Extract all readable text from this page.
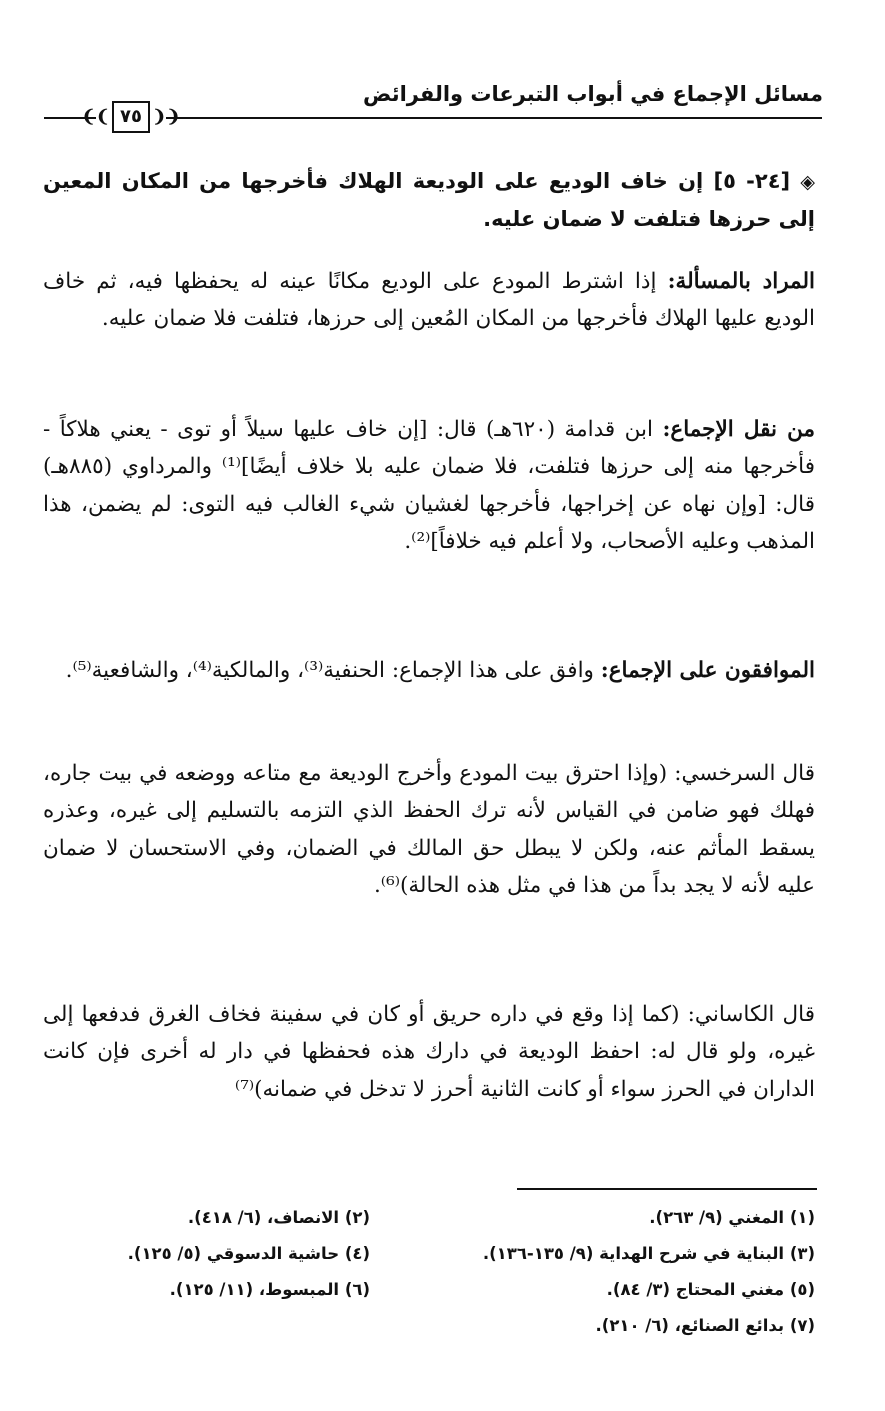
مسائل الإجماع في أبواب التبرعات والفرائض
❨❨ ٧٥ ❩❩
◈ [٢٤- ٥] إن خاف الوديع على الوديعة الهلاك فأخرجها من المكان المعين إلى حرزها فتلفت لا ضمان عليه.
المراد بالمسألة: إذا اشترط المودع على الوديع مكانًا عينه له يحفظها فيه، ثم خاف الوديع عليها الهلاك فأخرجها من المكان المُعين إلى حرزها، فتلفت فلا ضمان عليه.
من نقل الإجماع: ابن قدامة (٦٢٠هـ) قال: [إن خاف عليها سيلاً أو توى - يعني هلاكاً - فأخرجها منه إلى حرزها فتلفت، فلا ضمان عليه بلا خلاف أيضًا]⁽¹⁾ والمرداوي (٨٨٥هـ) قال: [وإن نهاه عن إخراجها، فأخرجها لغشيان شيء الغالب فيه التوى: لم يضمن، هذا المذهب وعليه الأصحاب، ولا أعلم فيه خلافاً]⁽²⁾.
الموافقون على الإجماع: وافق على هذا الإجماع: الحنفية⁽³⁾، والمالكية⁽⁴⁾، والشافعية⁽⁵⁾.
قال السرخسي: (وإذا احترق بيت المودع وأخرج الوديعة مع متاعه ووضعه في بيت جاره، فهلك فهو ضامن في القياس لأنه ترك الحفظ الذي التزمه بالتسليم إلى غيره، وعذره يسقط المأثم عنه، ولكن لا يبطل حق المالك في الضمان، وفي الاستحسان لا ضمان عليه لأنه لا يجد بداً من هذا في مثل هذه الحالة)⁽⁶⁾.
قال الكاساني: (كما إذا وقع في داره حريق أو كان في سفينة فخاف الغرق فدفعها إلى غيره، ولو قال له: احفظ الوديعة في دارك هذه فحفظها في دار له أخرى فإن كانت الداران في الحرز سواء أو كانت الثانية أحرز لا تدخل في ضمانه)⁽⁷⁾
(١) المغني (٩/ ٢٦٣).
(٢) الانصاف، (٦/ ٤١٨).
(٣) البناية في شرح الهداية (٩/ ١٣٥-١٣٦).
(٤) حاشية الدسوقي (٥/ ١٢٥).
(٥) مغني المحتاج (٣/ ٨٤).
(٦) المبسوط، (١١/ ١٢٥).
(٧) بدائع الصنائع، (٦/ ٢١٠).
